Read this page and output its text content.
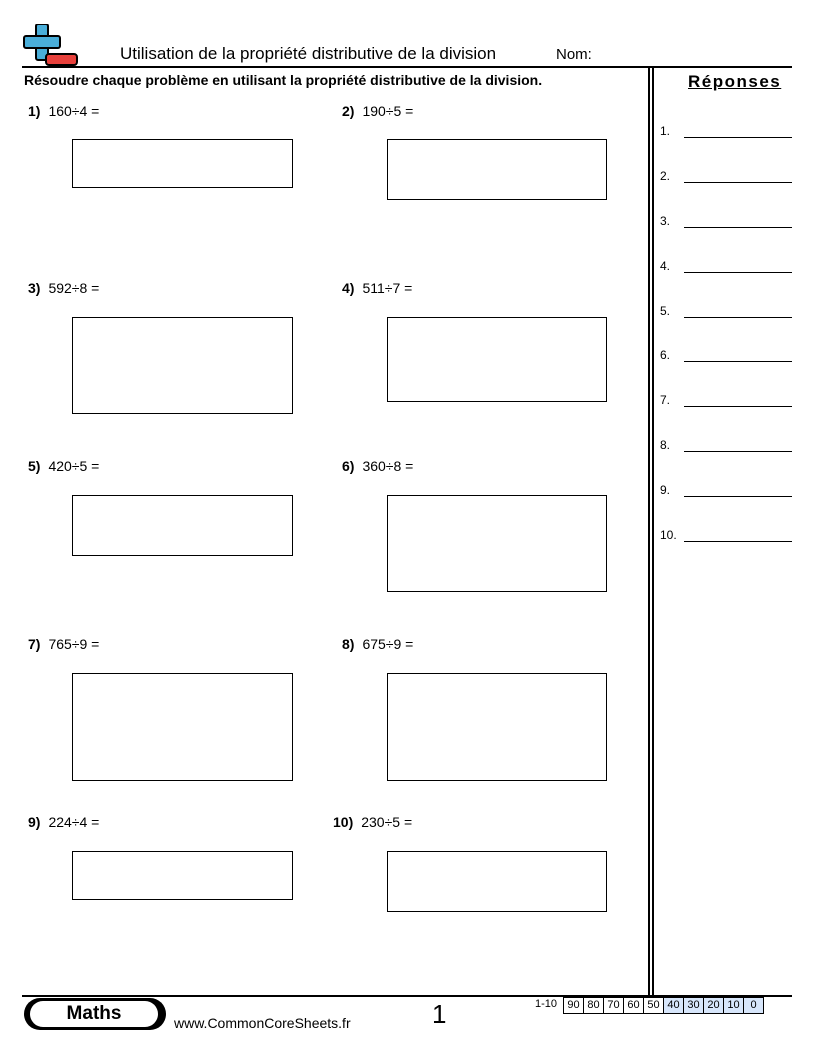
Utilisation de la propriété distributive de la division	Nom:
Résoudre chaque problème en utilisant la propriété distributive de la division.
1) 160÷4 =	2) 190÷5 =
3) 592÷8 =	4) 511÷7 =
5) 420÷5 =	6) 360÷8 =
7) 765÷9 =	8) 675÷9 =
9) 224÷4 =	10) 230÷5 =
Réponses
1.
2.
3.
4.
5.
6.
7.
8.
9.
10.
Maths	www.CommonCoreSheets.fr	1	1-10 90	80	70	60	50	40	30	20	10	0
